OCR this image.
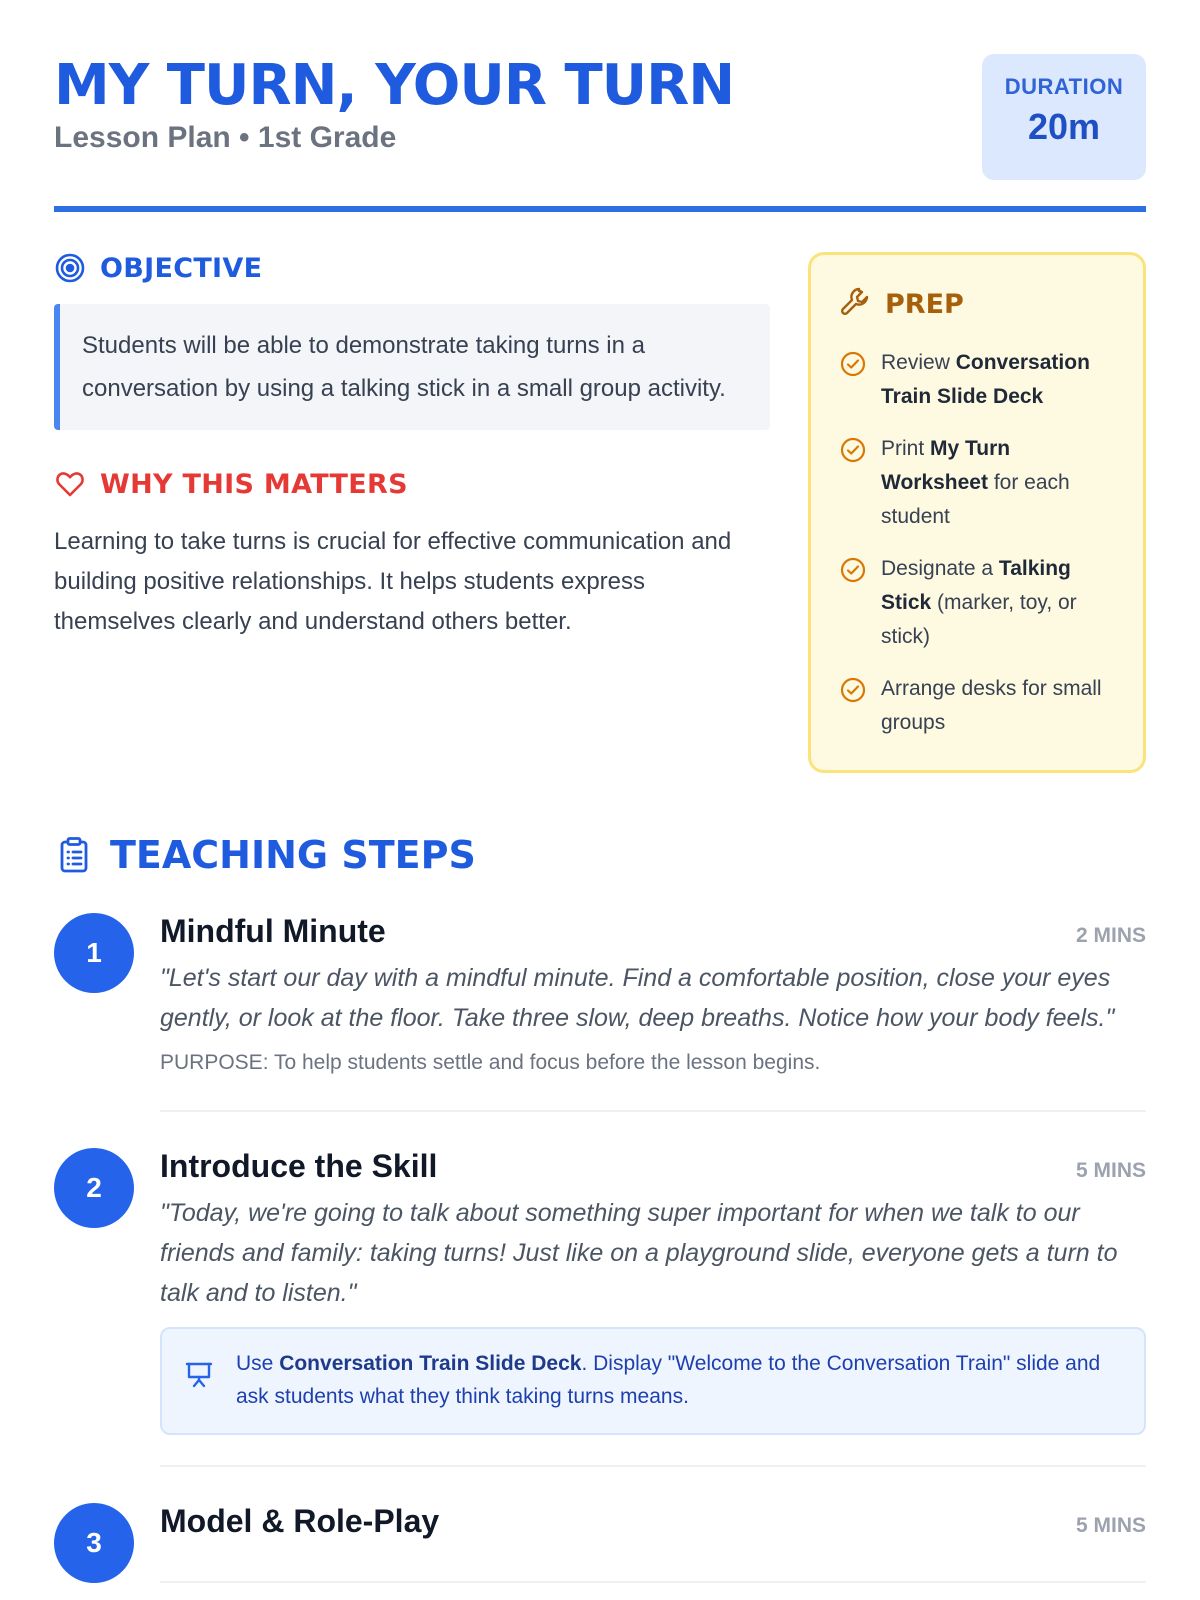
MY TURN, YOUR TURN
Lesson Plan • 1st Grade
DURATION
20m
OBJECTIVE
Students will be able to demonstrate taking turns in a conversation by using a talking stick in a small group activity.
WHY THIS MATTERS
Learning to take turns is crucial for effective communication and building positive relationships. It helps students express themselves clearly and understand others better.
PREP
Review Conversation Train Slide Deck
Print My Turn Worksheet for each student
Designate a Talking Stick (marker, toy, or stick)
Arrange desks for small groups
TEACHING STEPS
1
Mindful Minute	2 MINS
"Let's start our day with a mindful minute. Find a comfortable position, close your eyes gently, or look at the floor. Take three slow, deep breaths. Notice how your body feels."
PURPOSE: To help students settle and focus before the lesson begins.
2
Introduce the Skill	5 MINS
"Today, we're going to talk about something super important for when we talk to our friends and family: taking turns! Just like on a playground slide, everyone gets a turn to talk and to listen."
Use Conversation Train Slide Deck. Display "Welcome to the Conversation Train" slide and ask students what they think taking turns means.
3
Model & Role-Play	5 MINS
